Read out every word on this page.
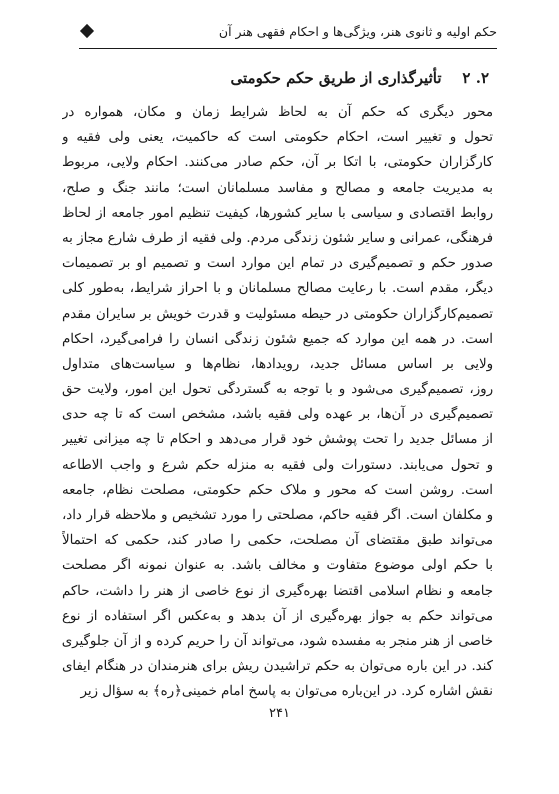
حکم اولیه و ثانوی هنر، ویژگی‌ها و احکام فقهی هنر آن
۲. ۲    تأثیرگذاری از طریق حکم حکومتی
محور دیگری که حکم آن به لحاظ شرایط زمان و مکان، همواره در
تحول و تغییر است، احکام حکومتی است که حاکمیت، یعنی ولی فقیه و
کارگزاران حکومتی، با اتکا بر آن، حکم صادر می‌کنند. احکام ولایی، مربوط
به مدیریت جامعه و مصالح و مفاسد مسلمانان است؛ مانند جنگ و صلح،
روابط اقتصادی و سیاسی با سایر کشورها، کیفیت تنظیم امور جامعه از لحاظ
فرهنگی، عمرانی و سایر شئون زندگی مردم. ولی فقیه از طرف شارع مجاز به
صدور حکم و تصمیم‌گیری در تمام این موارد است و تصمیم او بر تصمیمات
دیگر، مقدم است. با رعایت مصالح مسلمانان و با احراز شرایط، به‌طور کلی
تصمیم‌کارگزاران حکومتی در حیطه مسئولیت و قدرت خویش بر سایران مقدم
است. در همه این موارد که جمیع شئون زندگی انسان را فرامی‌گیرد، احکام
ولایی بر اساس مسائل جدید، رویدادها، نظام‌ها و سیاست‌های متداول
روز، تصمیم‌گیری می‌شود و با توجه به گستردگی تحول این امور، ولایت حق
تصمیم‌گیری در آن‌ها، بر عهده ولی فقیه باشد، مشخص است که تا چه حدی
از مسائل جدید را تحت پوشش خود قرار می‌دهد و احکام تا چه میزانی تغییر
و تحول می‌یابند. دستورات ولی فقیه به منزله حکم شرع و واجب الاطاعه
است. روشن است که محور و ملاک حکم حکومتی، مصلحت نظام، جامعه
و مکلفان است. اگر فقیه حاکم، مصلحتی را مورد تشخیص و ملاحظه قرار داد،
می‌تواند طبق مقتضای آن مصلحت، حکمی را صادر کند، حکمی که احتمالاً
با حکم اولی موضوع متفاوت و مخالف باشد. به عنوان نمونه اگر مصلحت
جامعه و نظام اسلامی اقتضا بهره‌گیری از نوع خاصی از هنر را داشت، حاکم
می‌تواند حکم به جواز بهره‌گیری از آن بدهد و به‌عکس اگر استفاده از نوع
خاصی از هنر منجر به مفسده شود، می‌تواند آن را حریم کرده و از آن جلوگیری
کند. در این باره می‌توان به حکم تراشیدن ریش برای هنرمندان در هنگام ایفای
نقش اشاره کرد. در این‌باره می‌توان به پاسخ امام خمینی﴿ره﴾ به سؤال زیر
۲۴۱
